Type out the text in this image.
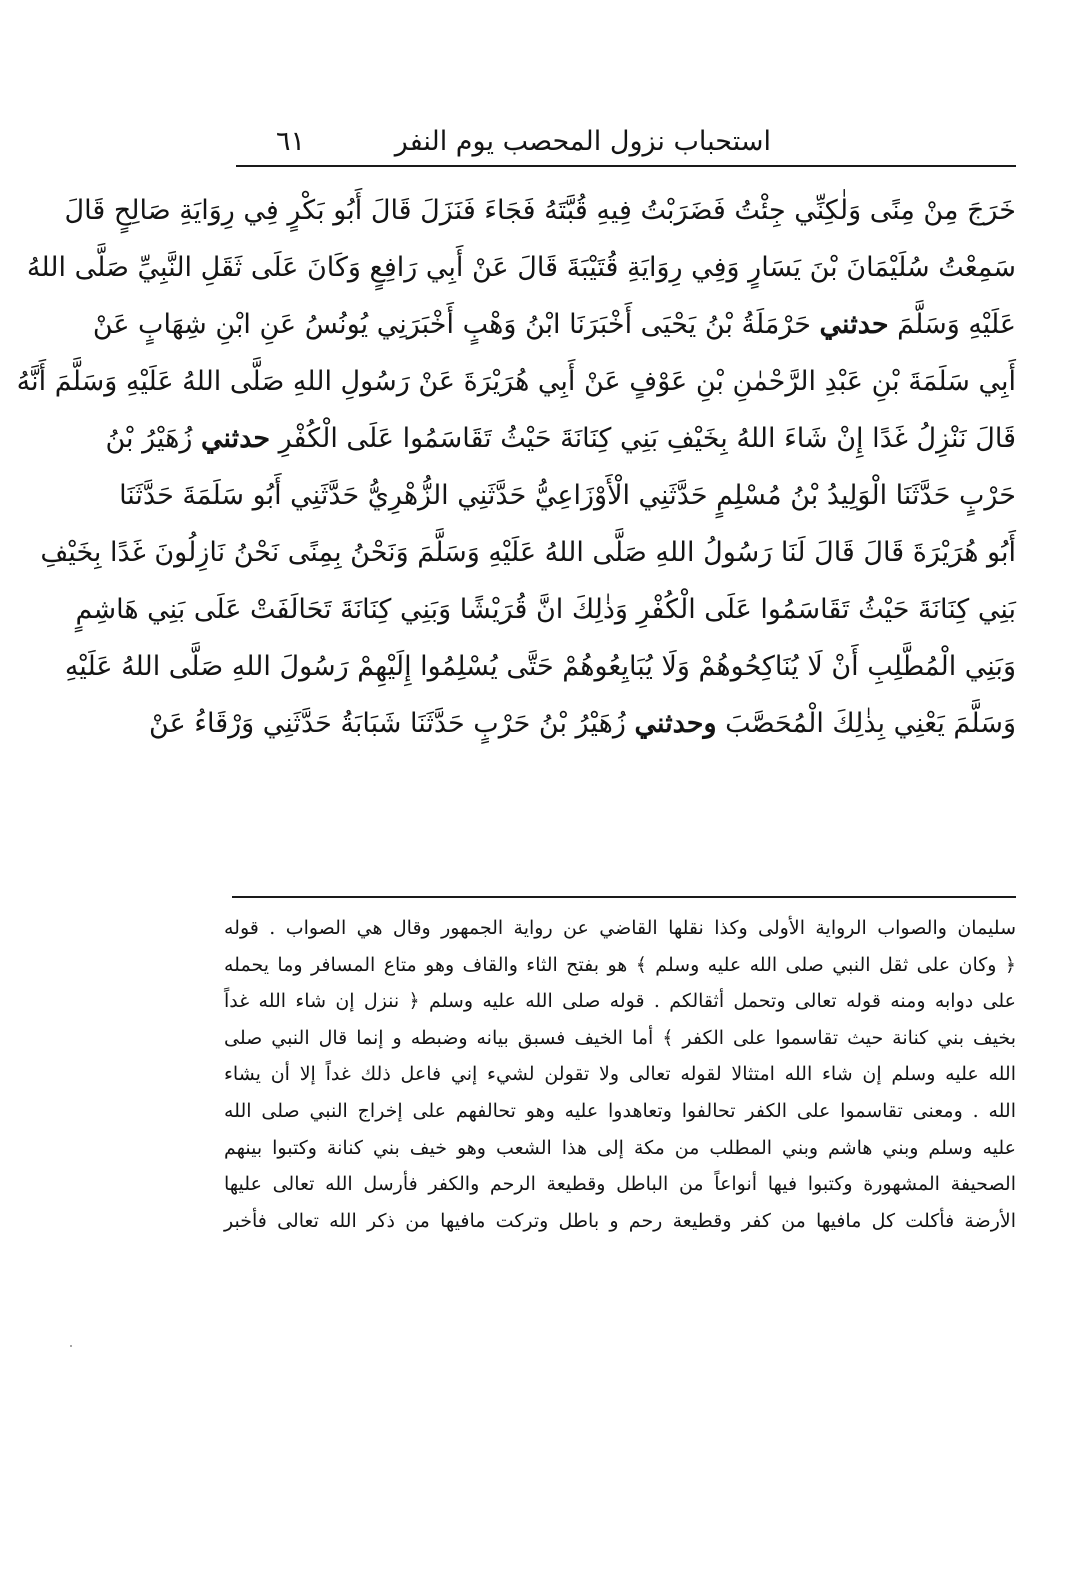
استحباب نزول المحصب يوم النفر
٦١
خَرَجَ مِنْ مِنًى وَلٰكِنِّي جِئْتُ فَضَرَبْتُ فِيهِ قُبَّتَهُ فَجَاءَ فَنَزَلَ قَالَ أَبُو بَكْرٍ فِي رِوَايَةِ صَالِحٍ قَالَ
سَمِعْتُ سُلَيْمَانَ بْنَ يَسَارٍ وَفِي رِوَايَةِ قُتَيْبَةَ قَالَ عَنْ أَبِي رَافِعٍ وَكَانَ عَلَى ثَقَلِ النَّبِيِّ صَلَّى اللهُ
عَلَيْهِ وَسَلَّمَ حدثني حَرْمَلَةُ بْنُ يَحْيَى أَخْبَرَنَا ابْنُ وَهْبٍ أَخْبَرَنِي يُونُسُ عَنِ ابْنِ شِهَابٍ عَنْ
أَبِي سَلَمَةَ بْنِ عَبْدِ الرَّحْمٰنِ بْنِ عَوْفٍ عَنْ أَبِي هُرَيْرَةَ عَنْ رَسُولِ اللهِ صَلَّى اللهُ عَلَيْهِ وَسَلَّمَ أَنَّهُ
قَالَ نَنْزِلُ غَدًا إِنْ شَاءَ اللهُ بِخَيْفِ بَنِي كِنَانَةَ حَيْثُ تَقَاسَمُوا عَلَى الْكُفْرِ حدثني زُهَيْرُ بْنُ
حَرْبٍ حَدَّثَنَا الْوَلِيدُ بْنُ مُسْلِمٍ حَدَّثَنِي الْأَوْزَاعِيُّ حَدَّثَنِي الزُّهْرِيُّ حَدَّثَنِي أَبُو سَلَمَةَ حَدَّثَنَا
أَبُو هُرَيْرَةَ قَالَ قَالَ لَنَا رَسُولُ اللهِ صَلَّى اللهُ عَلَيْهِ وَسَلَّمَ وَنَحْنُ بِمِنًى نَحْنُ نَازِلُونَ غَدًا بِخَيْفِ
بَنِي كِنَانَةَ حَيْثُ تَقَاسَمُوا عَلَى الْكُفْرِ وَذٰلِكَ انَّ قُرَيْشًا وَبَنِي كِنَانَةَ تَحَالَفَتْ عَلَى بَنِي هَاشِمٍ
وَبَنِي الْمُطَّلِبِ أَنْ لَا يُنَاكِحُوهُمْ وَلَا يُبَايِعُوهُمْ حَتَّى يُسْلِمُوا إِلَيْهِمْ رَسُولَ اللهِ صَلَّى اللهُ عَلَيْهِ
وَسَلَّمَ يَعْنِي بِذٰلِكَ الْمُحَصَّبَ وحدثني زُهَيْرُ بْنُ حَرْبٍ حَدَّثَنَا شَبَابَةُ حَدَّثَنِي وَرْقَاءُ عَنْ
سليمان والصواب الرواية الأولى وكذا نقلها القاضي عن رواية الجمهور وقال هي الصواب . قوله
﴿ وكان على ثقل النبي صلى الله عليه وسلم ﴾ هو بفتح الثاء والقاف وهو متاع المسافر وما يحمله
على دوابه ومنه قوله تعالى وتحمل أثقالكم . قوله صلى الله عليه وسلم ﴿ ننزل إن شاء الله غداً
بخيف بني كنانة حيث تقاسموا على الكفر ﴾ أما الخيف فسبق بيانه وضبطه و إنما قال النبي صلى
الله عليه وسلم إن شاء الله امتثالا لقوله تعالى ولا تقولن لشيء إني فاعل ذلك غداً إلا أن يشاء
الله . ومعنى تقاسموا على الكفر تحالفوا وتعاهدوا عليه وهو تحالفهم على إخراج النبي صلى الله
عليه وسلم وبني هاشم وبني المطلب من مكة إلى هذا الشعب وهو خيف بني كنانة وكتبوا بينهم
الصحيفة المشهورة وكتبوا فيها أنواعاً من الباطل وقطيعة الرحم والكفر فأرسل الله تعالى عليها
الأرضة فأكلت كل مافيها من كفر وقطيعة رحم و باطل وتركت مافيها من ذكر الله تعالى فأخبر
